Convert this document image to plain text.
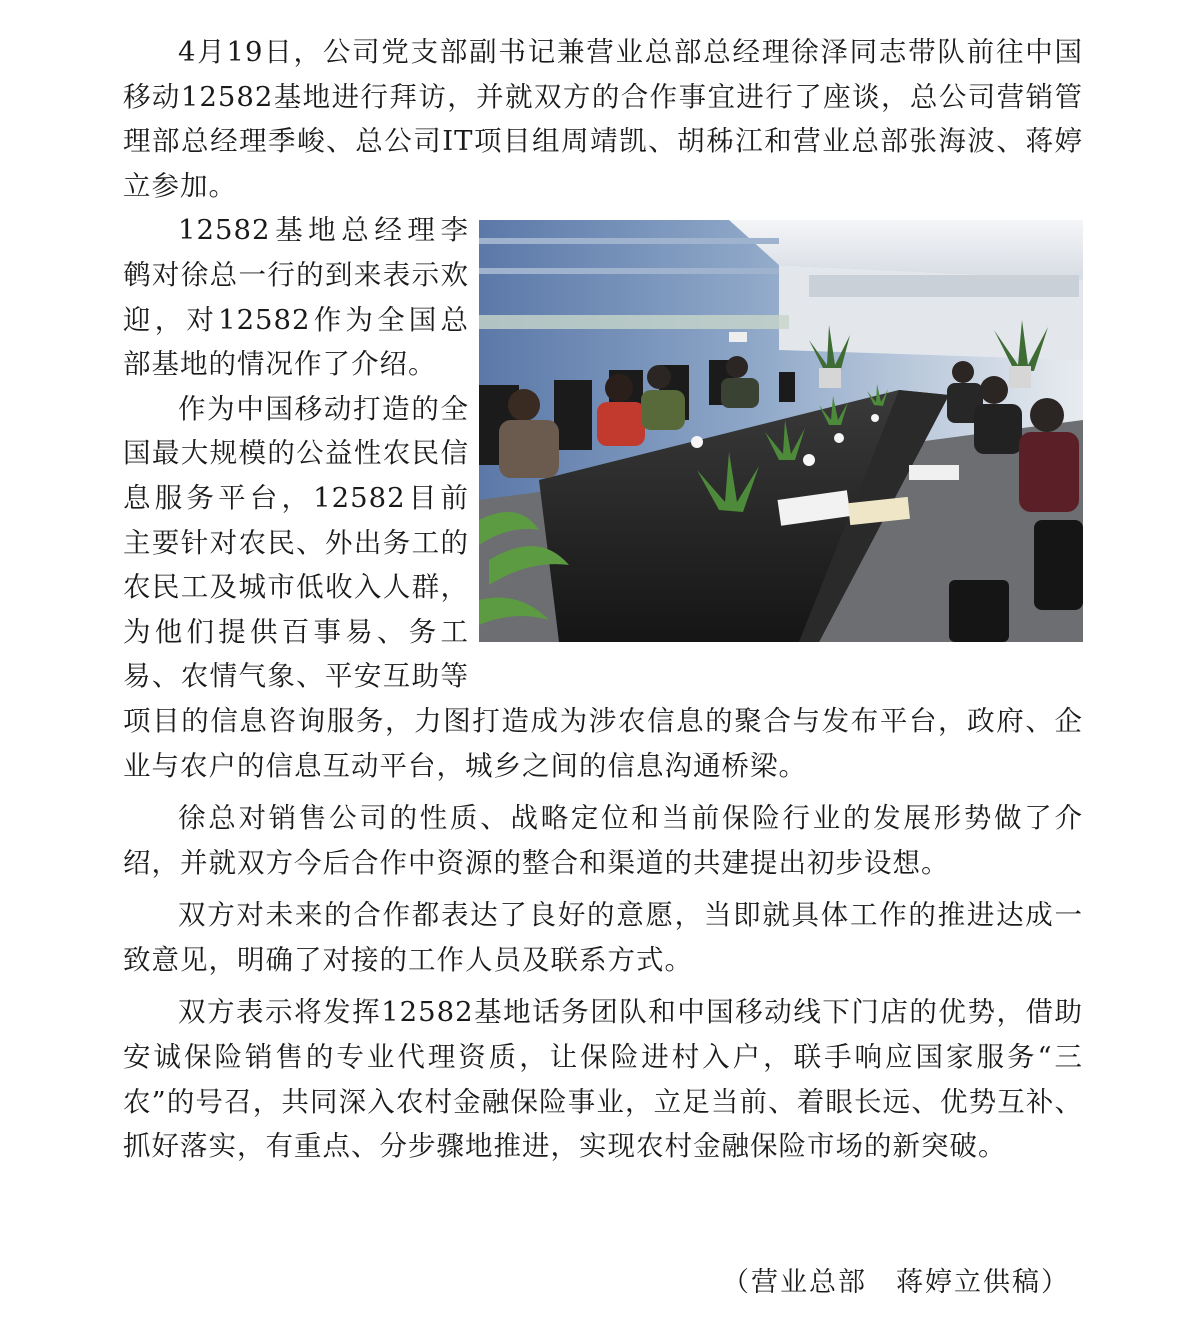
4月19日，公司党支部副书记兼营业总部总经理徐泽同志带队前往中国移动12582基地进行拜访，并就双方的合作事宜进行了座谈，总公司营销管理部总经理季峻、总公司IT项目组周靖凯、胡秭江和营业总部张海波、蒋婷立参加。

12582基地总经理李鹌对徐总一行的到来表示欢迎，对12582作为全国总部基地的情况作了介绍。

作为中国移动打造的全国最大规模的公益性农民信息服务平台，12582目前主要针对农民、外出务工的农民工及城市低收入人群，为他们提供百事易、务工易、农情气象、平安互助等项目的信息咨询服务，力图打造成为涉农信息的聚合与发布平台，政府、企业与农户的信息互动平台，城乡之间的信息沟通桥梁。

徐总对销售公司的性质、战略定位和当前保险行业的发展形势做了介绍，并就双方今后合作中资源的整合和渠道的共建提出初步设想。

双方对未来的合作都表达了良好的意愿，当即就具体工作的推进达成一致意见，明确了对接的工作人员及联系方式。

双方表示将发挥12582基地话务团队和中国移动线下门店的优势，借助安诚保险销售的专业代理资质，让保险进村入户，联手响应国家服务“三农”的号召，共同深入农村金融保险事业，立足当前、着眼长远、优势互补、抓好落实，有重点、分步骤地推进，实现农村金融保险市场的新突破。

（营业总部　蒋婷立供稿）
